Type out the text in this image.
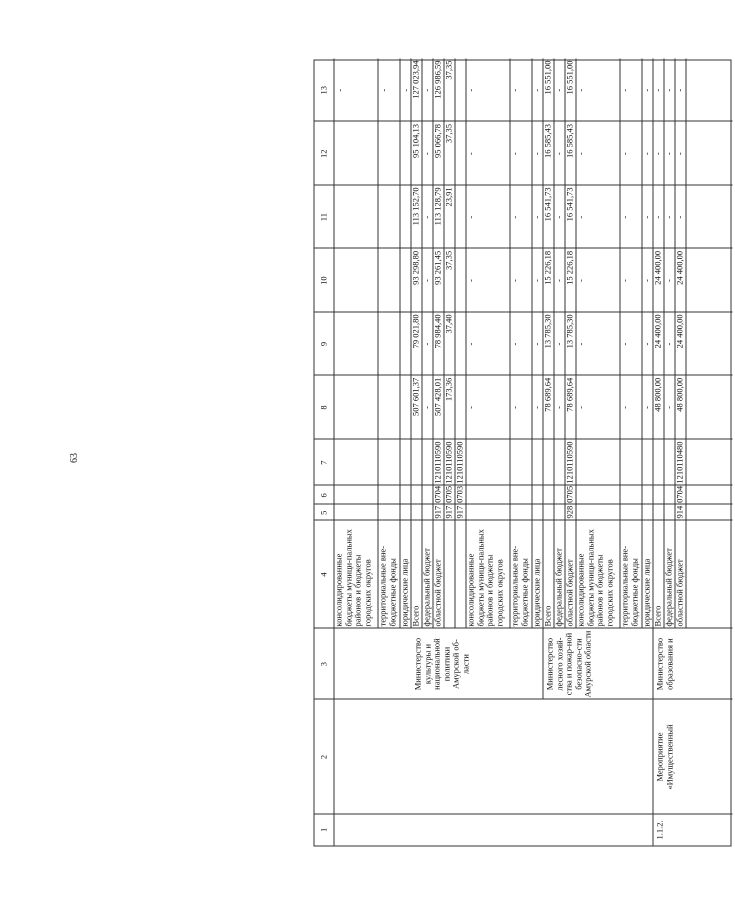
63
1
2
3
4
5
6
7
8
9
10
11
12
13
консолидированные бюджеты муници-пальных районов и бюджеты городских округов
-
территориальные вне-бюджетные фонды
-
юридические лица
-
Всего
507 601,37
79 021,80
93 298,80
113 152,70
95 104,13
127 023,94
федеральный бюджет
-
-
-
-
-
-
областной бюджет
917
0704
1210110590
507 428,01
78 984,40
93 261,45
113 128,79
95 066,78
126 986,59
917
0705
1210110590
173,36
37,40
37,35
23,91
37,35
37,35
917
0703
1210110590
консолидированные бюджеты муници-пальных районов и бюджеты городских округов
-
-
-
-
-
-
территориальные вне-бюджетные фонды
-
-
-
-
-
-
юридические лица
-
-
-
-
-
-
Министерство культуры и национальной политики Амурской об-ласти
Всего
78 689,64
13 785,30
15 226,18
16 541,73
16 585,43
16 551,00
федеральный бюджет
-
-
-
-
-
-
областной бюджет
928
0705
1210110590
78 689,64
13 785,30
15 226,18
16 541,73
16 585,43
16 551,00
консолидированные бюджеты муници-пальных районов и бюджеты городских округов
-
-
-
-
-
-
территориальные вне-бюджетные фонды
-
-
-
-
-
-
юридические лица
-
-
-
-
-
-
Министерство лесного хозяй-ства и пожар-ной безопасно-сти Амурской области
Всего
48 800,00
24 400,00
24 400,00
-
-
-
федеральный бюджет
-
-
-
-
-
-
областной бюджет
914
0704
1210110480
48 800,00
24 400,00
24 400,00
-
-
-
1.1.2.
Мероприятие «Имущественный
Министерство образования и
